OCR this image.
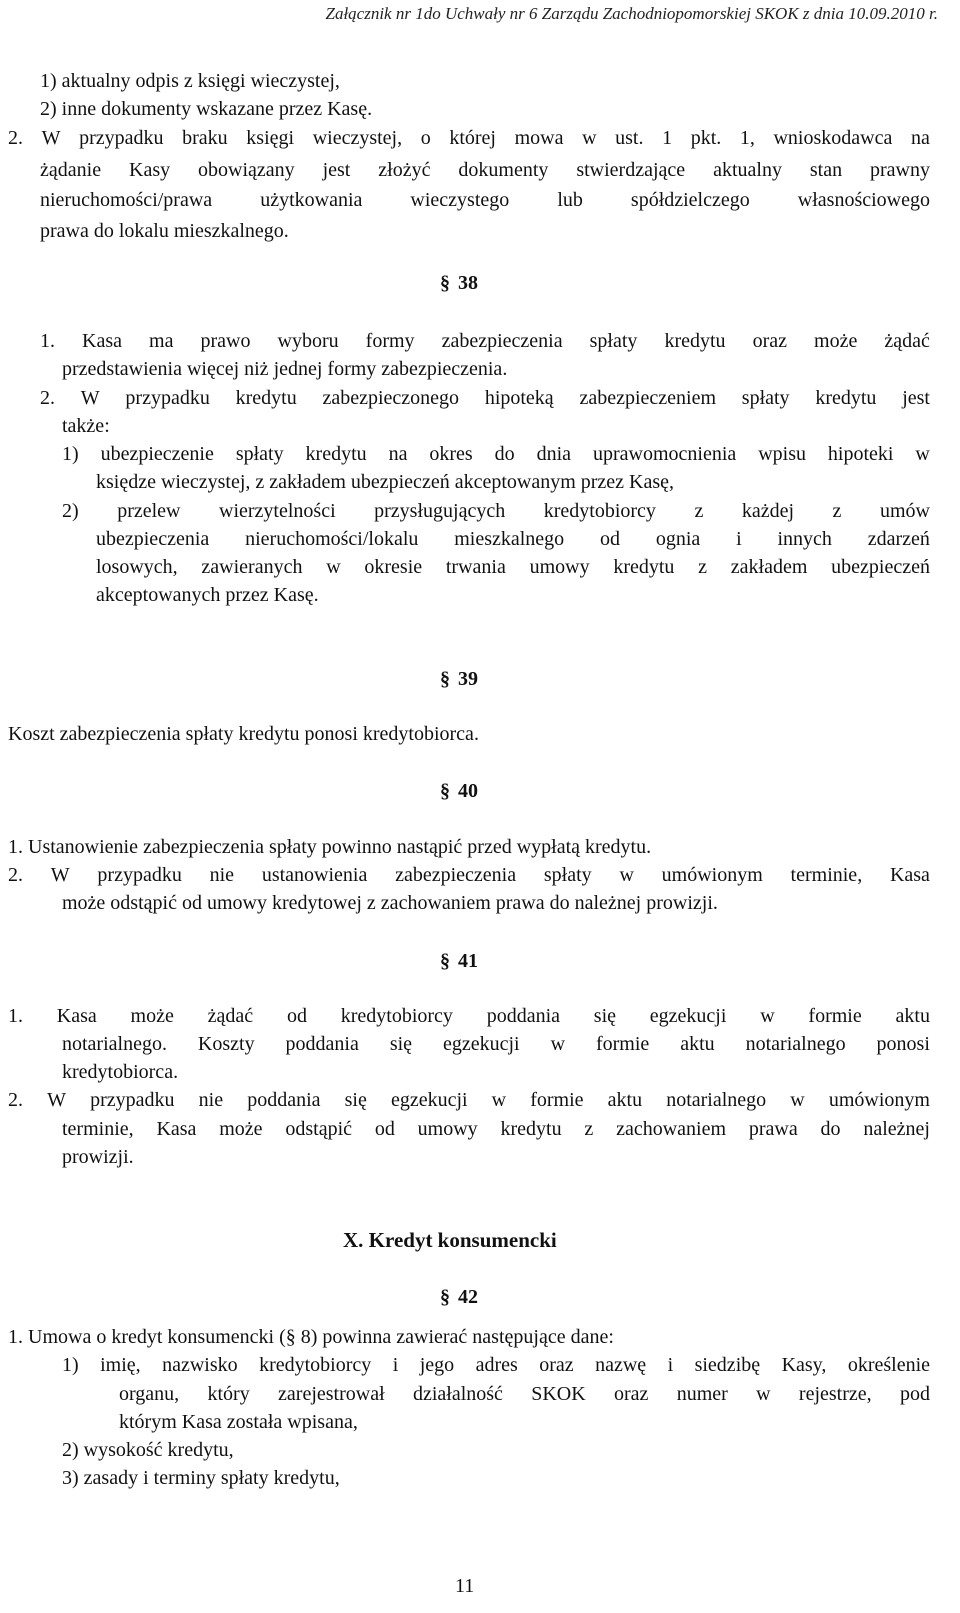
Załącznik nr 1do Uchwały nr 6 Zarządu Zachodniopomorskiej SKOK z dnia 10.09.2010 r.
1) aktualny odpis z księgi wieczystej,
2) inne dokumenty wskazane przez Kasę.
2. W przypadku braku księgi wieczystej, o której mowa w ust. 1 pkt. 1, wnioskodawca na
żądanie Kasy obowiązany jest złożyć dokumenty stwierdzające aktualny stan prawny
nieruchomości/prawa użytkowania wieczystego lub spółdzielczego własnościowego
prawa do lokalu mieszkalnego.
§ 38
1. Kasa ma prawo wyboru formy zabezpieczenia spłaty kredytu oraz może żądać
przedstawienia więcej niż jednej formy zabezpieczenia.
2. W przypadku kredytu zabezpieczonego hipoteką zabezpieczeniem spłaty kredytu jest
także:
1) ubezpieczenie spłaty kredytu na okres do dnia uprawomocnienia wpisu hipoteki w
księdze wieczystej, z zakładem ubezpieczeń akceptowanym przez Kasę,
2) przelew wierzytelności przysługujących kredytobiorcy z każdej z umów
ubezpieczenia nieruchomości/lokalu mieszkalnego od ognia i innych zdarzeń
losowych, zawieranych w okresie trwania umowy kredytu z zakładem ubezpieczeń
akceptowanych przez Kasę.
§ 39
Koszt zabezpieczenia spłaty kredytu ponosi kredytobiorca.
§ 40
1. Ustanowienie zabezpieczenia spłaty powinno nastąpić przed wypłatą kredytu.
2. W przypadku nie ustanowienia zabezpieczenia spłaty w umówionym terminie, Kasa
może odstąpić od umowy kredytowej z zachowaniem prawa do należnej prowizji.
§ 41
1. Kasa może żądać od kredytobiorcy poddania się egzekucji w formie aktu
notarialnego. Koszty poddania się egzekucji w formie aktu notarialnego ponosi
kredytobiorca.
2. W przypadku nie poddania się egzekucji w formie aktu notarialnego w umówionym
terminie, Kasa może odstąpić od umowy kredytu z zachowaniem prawa do należnej
prowizji.
X. Kredyt konsumencki
§ 42
1. Umowa o kredyt konsumencki (§ 8) powinna zawierać następujące dane:
1) imię, nazwisko kredytobiorcy i jego adres oraz nazwę i siedzibę Kasy, określenie
organu, który zarejestrował działalność SKOK oraz numer w rejestrze, pod
którym Kasa została wpisana,
2) wysokość kredytu,
3) zasady i terminy spłaty kredytu,
11
